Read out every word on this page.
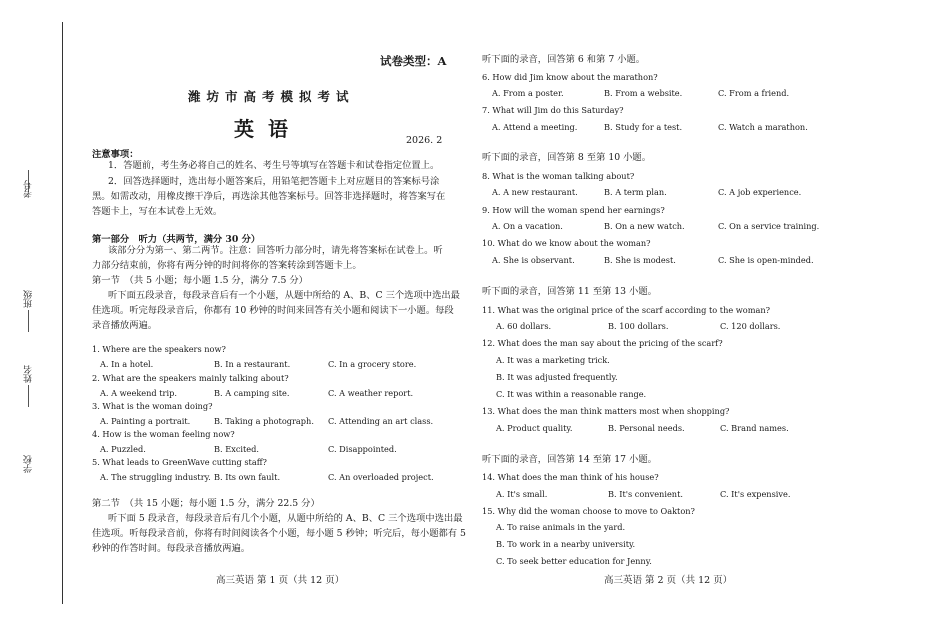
考号
班级
姓名
学校
试卷类型：A
潍坊市高考模拟考试
英语	2026. 2
注意事项：
1．答题前，考生务必将自己的姓名、考生号等填写在答题卡和试卷指定位置上。
2．回答选择题时，选出每小题答案后，用铅笔把答题卡上对应题目的答案标号涂
黑。如需改动，用橡皮擦干净后，再选涂其他答案标号。回答非选择题时，将答案写在
答题卡上，写在本试卷上无效。
第一部分　听力（共两节，满分 30 分）
该部分分为第一、第二两节。注意：回答听力部分时，请先将答案标在试卷上。听
力部分结束前，你将有两分钟的时间将你的答案转涂到答题卡上。
第一节　（共 5 小题；每小题 1.5 分，满分 7.5 分）
听下面五段录音，每段录音后有一个小题，从题中所给的 A、B、C 三个选项中选出最
佳选项。听完每段录音后，你都有 10 秒钟的时间来回答有关小题和阅读下一小题。每段
录音播放两遍。
1. Where are the speakers now?
A. In a hotel.	B. In a restaurant.	C. In a grocery store.
2. What are the speakers mainly talking about?
A. A weekend trip.	B. A camping site.	C. A weather report.
3. What is the woman doing?
A. Painting a portrait.	B. Taking a photograph. C. Attending an art class.
4. How is the woman feeling now?
A. Puzzled.	B. Excited.	C. Disappointed.
5. What leads to GreenWave cutting staff?
A. The struggling industry. B. Its own fault.	C. An overloaded project.
第二节　（共 15 小题；每小题 1.5 分，满分 22.5 分）
听下面 5 段录音，每段录音后有几个小题，从题中所给的 A、B、C 三个选项中选出最
佳选项。听每段录音前，你将有时间阅读各个小题，每小题 5 秒钟；听完后，每小题都有 5
秒钟的作答时间。每段录音播放两遍。
高三英语 第 1 页（共 12 页）
听下面的录音，回答第 6 和第 7 小题。
6. How did Jim know about the marathon?
A. From a poster.	B. From a website.	C. From a friend.
7. What will Jim do this Saturday?
A. Attend a meeting.	B. Study for a test.	C. Watch a marathon.
听下面的录音，回答第 8 至第 10 小题。
8. What is the woman talking about?
A. A new restaurant.	B. A term plan.	C. A job experience.
9. How will the woman spend her earnings?
A. On a vacation.	B. On a new watch.	C. On a service training.
10. What do we know about the woman?
A. She is observant.	B. She is modest.	C. She is open-minded.
听下面的录音，回答第 11 至第 13 小题。
11. What was the original price of the scarf according to the woman?
A. 60 dollars.	B. 100 dollars.	C. 120 dollars.
12. What does the man say about the pricing of the scarf?
A. It was a marketing trick.
B. It was adjusted frequently.
C. It was within a reasonable range.
13. What does the man think matters most when shopping?
A. Product quality.	B. Personal needs.	C. Brand names.
听下面的录音，回答第 14 至第 17 小题。
14. What does the man think of his house?
A. It's small.	B. It's convenient.	C. It's expensive.
15. Why did the woman choose to move to Oakton?
A. To raise animals in the yard.
B. To work in a nearby university.
C. To seek better education for Jenny.
高三英语 第 2 页（共 12 页）
